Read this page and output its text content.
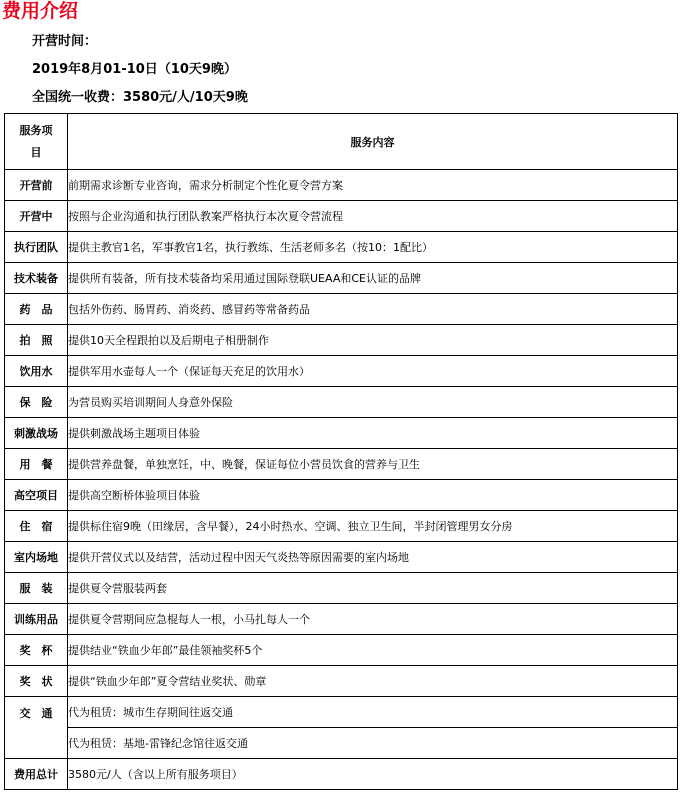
费用介绍
开营时间：
2019年8月01-10日（10天9晚）
全国统一收费：3580元/人/10天9晚
服务项
目	服务内容
开营前	前期需求诊断专业咨询，需求分析制定个性化夏令营方案
开营中	按照与企业沟通和执行团队教案严格执行本次夏令营流程
执行团队	提供主教官1名，军事教官1名，执行教练、生活老师多名（按10：1配比）
技术装备	提供所有装备，所有技术装备均采用通过国际登联UEAA和CE认证的品牌
药　品	包括外伤药、肠胃药、消炎药、感冒药等常备药品
拍　照	提供10天全程跟拍以及后期电子相册制作
饮用水	提供军用水壶每人一个（保证每天充足的饮用水）
保　险	为营员购买培训期间人身意外保险
刺激战场	提供刺激战场主题项目体验
用　餐	提供营养盘餐，单独烹饪，中、晚餐，保证每位小营员饮食的营养与卫生
高空项目	提供高空断桥体验项目体验
住　宿	提供标住宿9晚（田缘居，含早餐），24小时热水、空调、独立卫生间，半封闭管理男女分房
室内场地	提供开营仪式以及结营，活动过程中因天气炎热等原因需要的室内场地
服　装	提供夏令营服装两套
训练用品	提供夏令营期间应急棍每人一根，小马扎每人一个
奖　杯	提供结业“铁血少年郎”最佳领袖奖杯5个
奖　状	提供“铁血少年郎”夏令营结业奖状、勋章
交　通	代为租赁：城市生存期间往返交通
	代为租赁：基地-雷锋纪念馆往返交通
费用总计	3580元/人（含以上所有服务项目）
